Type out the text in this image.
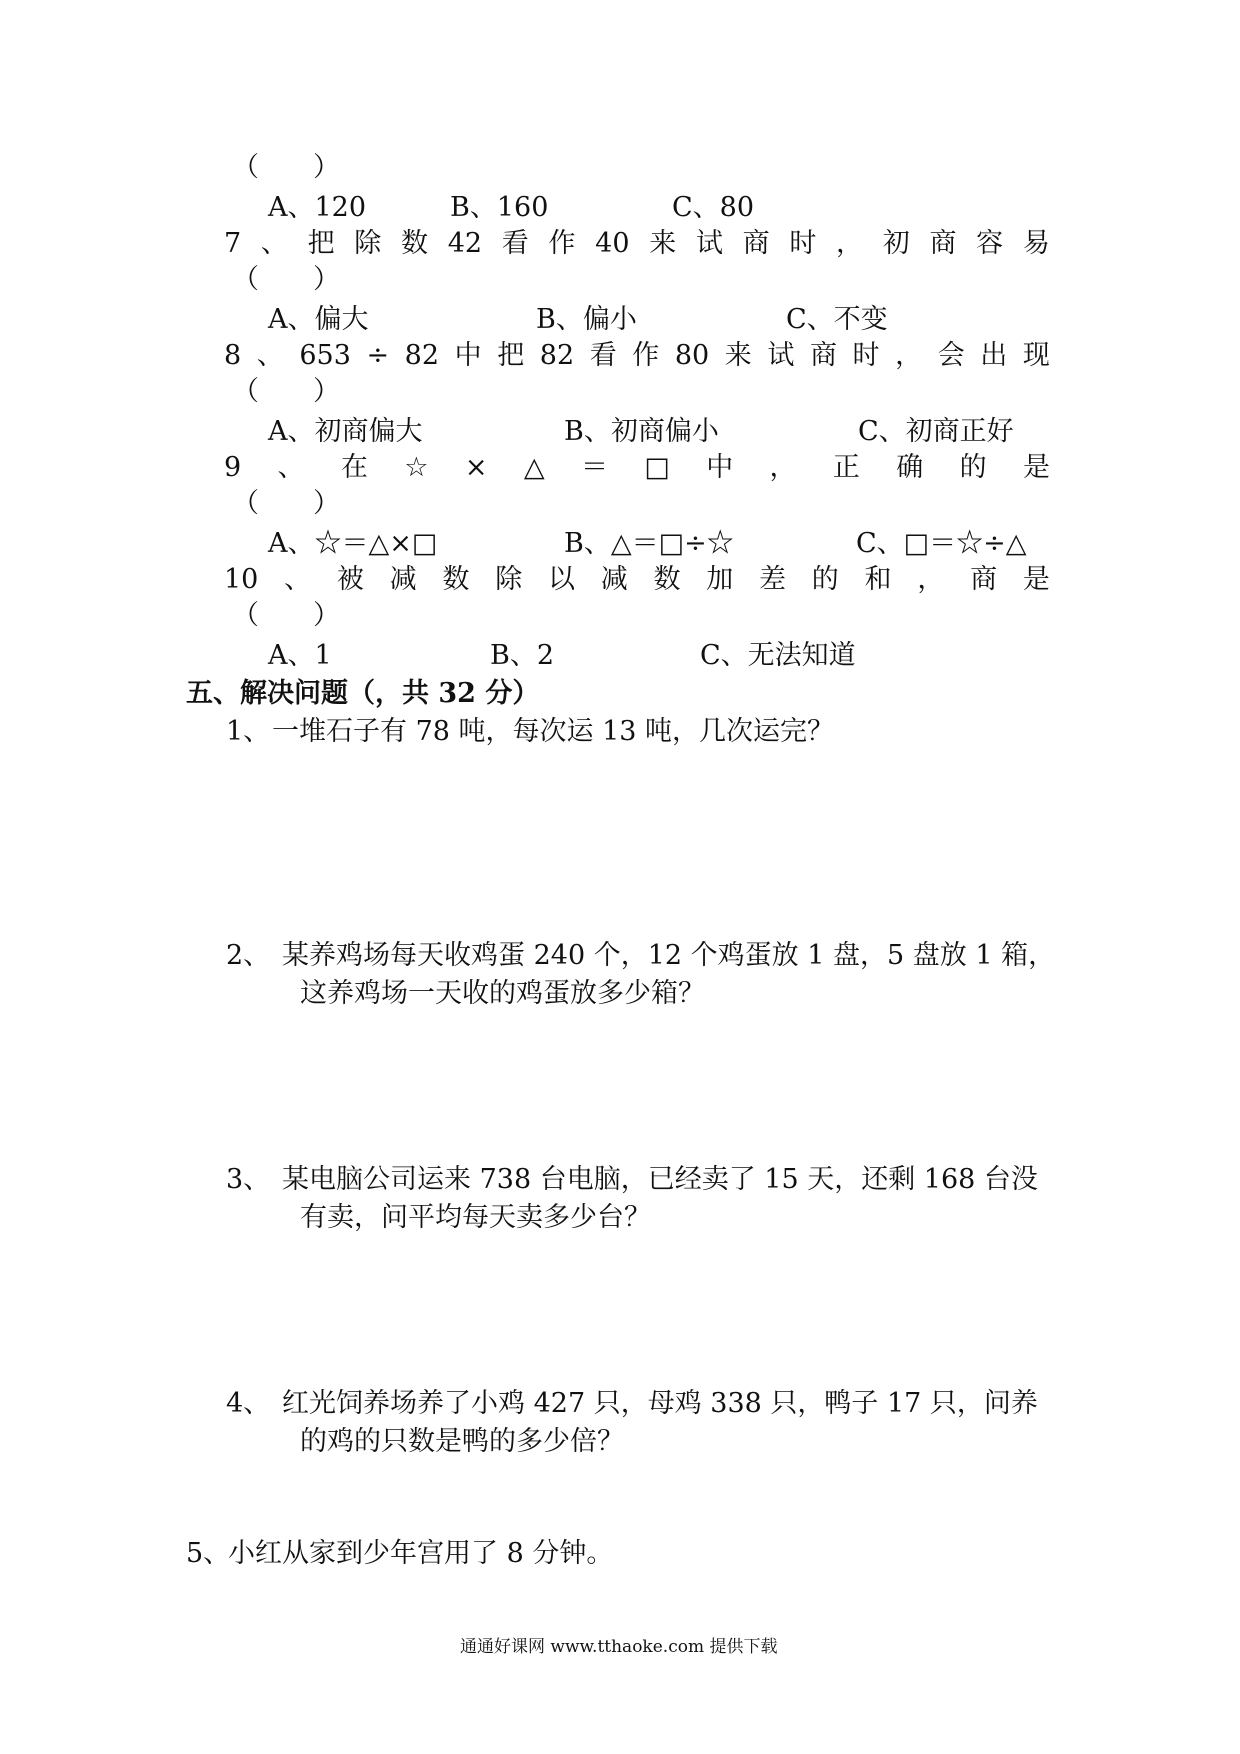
（　　）
A、120	B、160	C、80
7 、 把 除 数 42 看 作 40 来 试 商 时 ， 初 商 容 易
（　　）
A、偏大	B、偏小	C、不变
8 、 653 ÷ 82 中 把 82 看 作 80 来 试 商 时 ， 会 出 现
（　　）
A、初商偏大	B、初商偏小	C、初商正好
9 、 在 ☆ × △ ＝ □ 中 ， 正 确 的 是
（　　）
A、☆＝△×□	B、△＝□÷☆	C、□＝☆÷△
10 、 被 减 数 除 以 减 数 加 差 的 和 ， 商 是
（　　）
A、1	B、2	C、无法知道
五、解决问题（，共 32 分）
1、 一堆石子有 78 吨，每次运 13 吨，几次运完？
2、 某养鸡场每天收鸡蛋 240 个，12 个鸡蛋放 1 盘，5 盘放 1 箱，
这养鸡场一天收的鸡蛋放多少箱？
3、 某电脑公司运来 738 台电脑，已经卖了 15 天，还剩 168 台没
有卖，问平均每天卖多少台？
4、 红光饲养场养了小鸡 427 只，母鸡 338 只，鸭子 17 只，问养
的鸡的只数是鸭的多少倍？
5、
小红从家到少年宫用了 8 分钟。
通通好课网 www.tthaoke.com 提供下载
